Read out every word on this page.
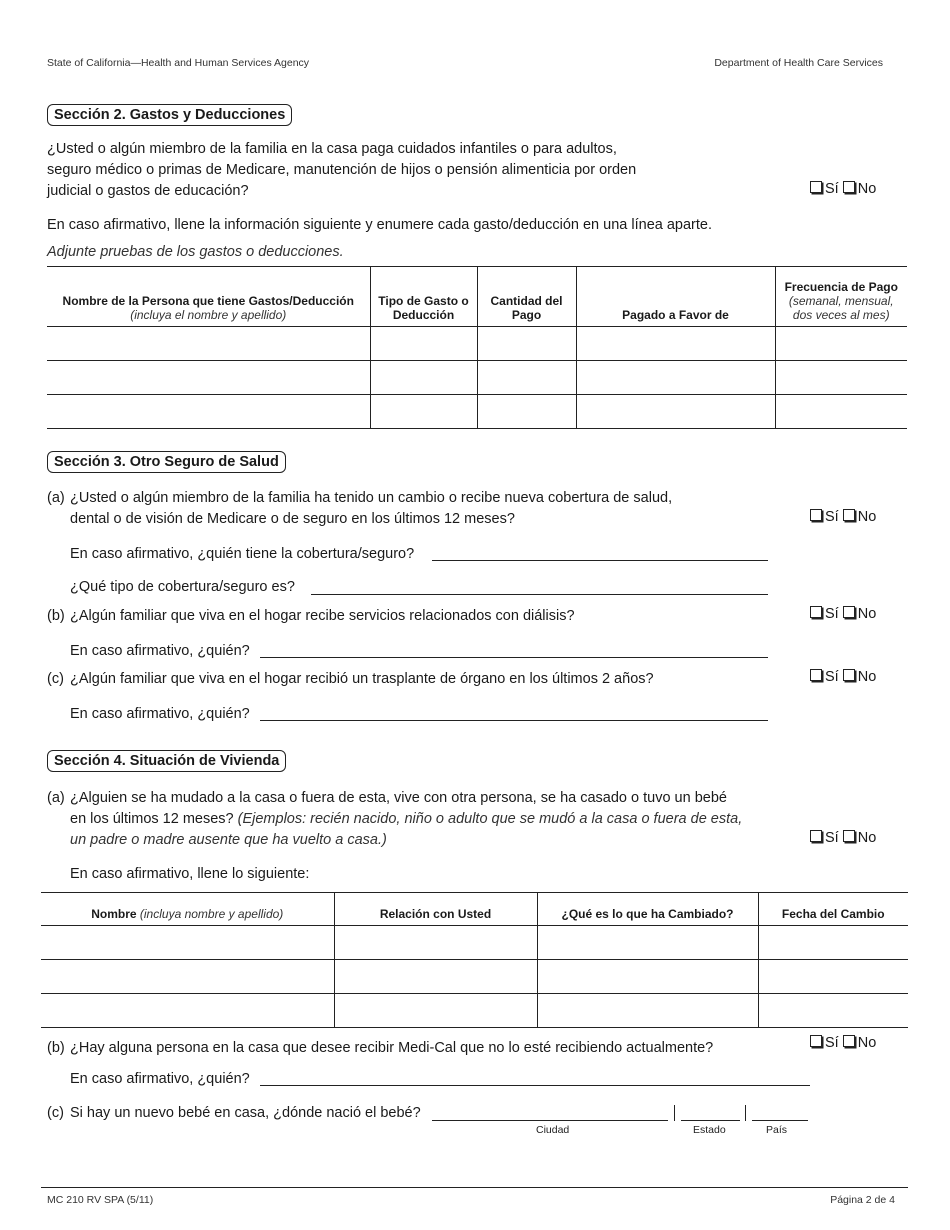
State of California—Health and Human Services Agency	Department of Health Care Services
Sección 2. Gastos y Deducciones
¿Usted o algún miembro de la familia en la casa paga cuidados infantiles o para adultos,
seguro médico o primas de Medicare, manutención de hijos o pensión alimenticia por orden
judicial o gastos de educación?	Sí No
En caso afirmativo, llene la información siguiente y enumere cada gasto/deducción en una línea aparte.
Adjunte pruebas de los gastos o deducciones.
Nombre de la Persona que tiene Gastos/Deducción
(incluya el nombre y apellido)	Tipo de Gasto o Deducción	Cantidad del Pago	Pagado a Favor de	Frecuencia de Pago
(semanal, mensual, dos veces al mes)

Sección 3. Otro Seguro de Salud
(a) ¿Usted o algún miembro de la familia ha tenido un cambio o recibe nueva cobertura de salud,
dental o de visión de Medicare o de seguro en los últimos 12 meses?	Sí No
En caso afirmativo, ¿quién tiene la cobertura/seguro?
¿Qué tipo de cobertura/seguro es?
(b) ¿Algún familiar que viva en el hogar recibe servicios relacionados con diálisis?	Sí No
En caso afirmativo, ¿quién?
(c) ¿Algún familiar que viva en el hogar recibió un trasplante de órgano en los últimos 2 años?	Sí No
En caso afirmativo, ¿quién?
Sección 4. Situación de Vivienda
(a) ¿Alguien se ha mudado a la casa o fuera de esta, vive con otra persona, se ha casado o tuvo un bebé
en los últimos 12 meses? (Ejemplos: recién nacido, niño o adulto que se mudó a la casa o fuera de esta,
un padre o madre ausente que ha vuelto a casa.)	Sí No
En caso afirmativo, llene lo siguiente:
Nombre (incluya nombre y apellido)	Relación con Usted	¿Qué es lo que ha Cambiado?	Fecha del Cambio

(b) ¿Hay alguna persona en la casa que desee recibir Medi-Cal que no lo esté recibiendo actualmente?	Sí No
En caso afirmativo, ¿quién?
(c) Si hay un nuevo bebé en casa, ¿dónde nació el bebé?
Ciudad	Estado	País
MC 210 RV SPA (5/11)	Página 2 de 4
